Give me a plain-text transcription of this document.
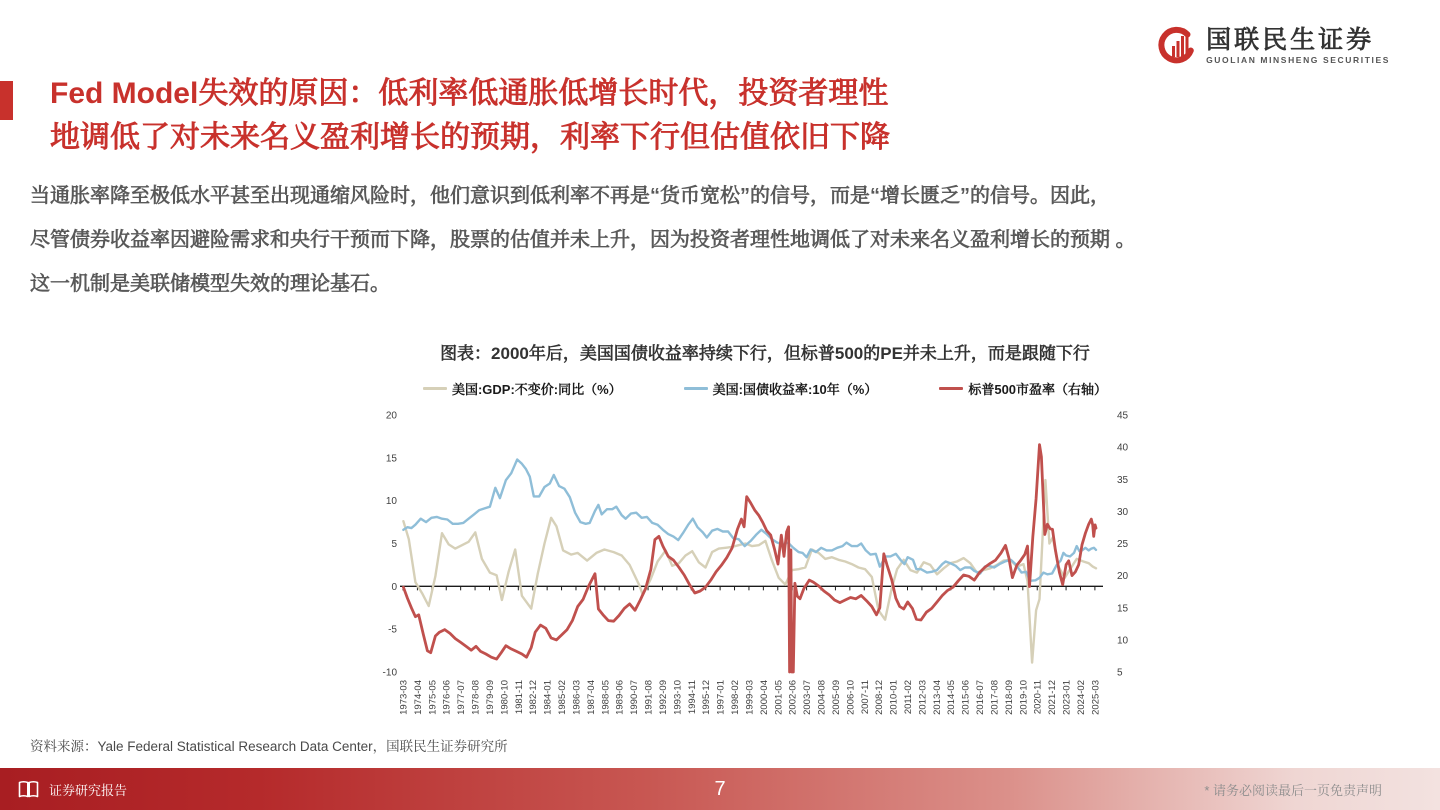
国联民生证券
GUOLIAN MINSHENG SECURITIES
Fed Model失效的原因：低利率低通胀低增长时代，投资者理性
地调低了对未来名义盈利增长的预期，利率下行但估值依旧下降
当通胀率降至极低水平甚至出现通缩风险时，他们意识到低利率不再是“货币宽松”的信号，而是“增长匮乏”的信号。因此，
尽管债券收益率因避险需求和央行干预而下降，股票的估值并未上升，因为投资者理性地调低了对未来名义盈利增长的预期 。
这一机制是美联储模型失效的理论基石。
图表：2000年后，美国国债收益率持续下行，但标普500的PE并未上升，而是跟随下行
美国:GDP:不变价:同比（%）	美国:国债收益率:10年（%）	标普500市盈率（右轴）
20
15
10
5
0
-5
-10
45
40
35
30
25
20
15
10
5
1973-03 1974-04 1975-05 1976-06 1977-07 1978-08 1979-09 1980-10 1981-11 1982-12 1984-01 1985-02 1986-03 1987-04 1988-05 1989-06 1990-07 1991-08 1992-09 1993-10 1994-11 1995-12 1997-01 1998-02 1999-03 2000-04 2001-05 2002-06 2003-07 2004-08 2005-09 2006-10 2007-11 2008-12 2010-01 2011-02 2012-03 2013-04 2014-05 2015-06 2016-07 2017-08 2018-09 2019-10 2020-11 2021-12 2023-01 2024-02 2025-03
资料来源：Yale Federal Statistical Research Data Center，国联民生证券研究所
证券研究报告	7	* 请务必阅读最后一页免责声明
